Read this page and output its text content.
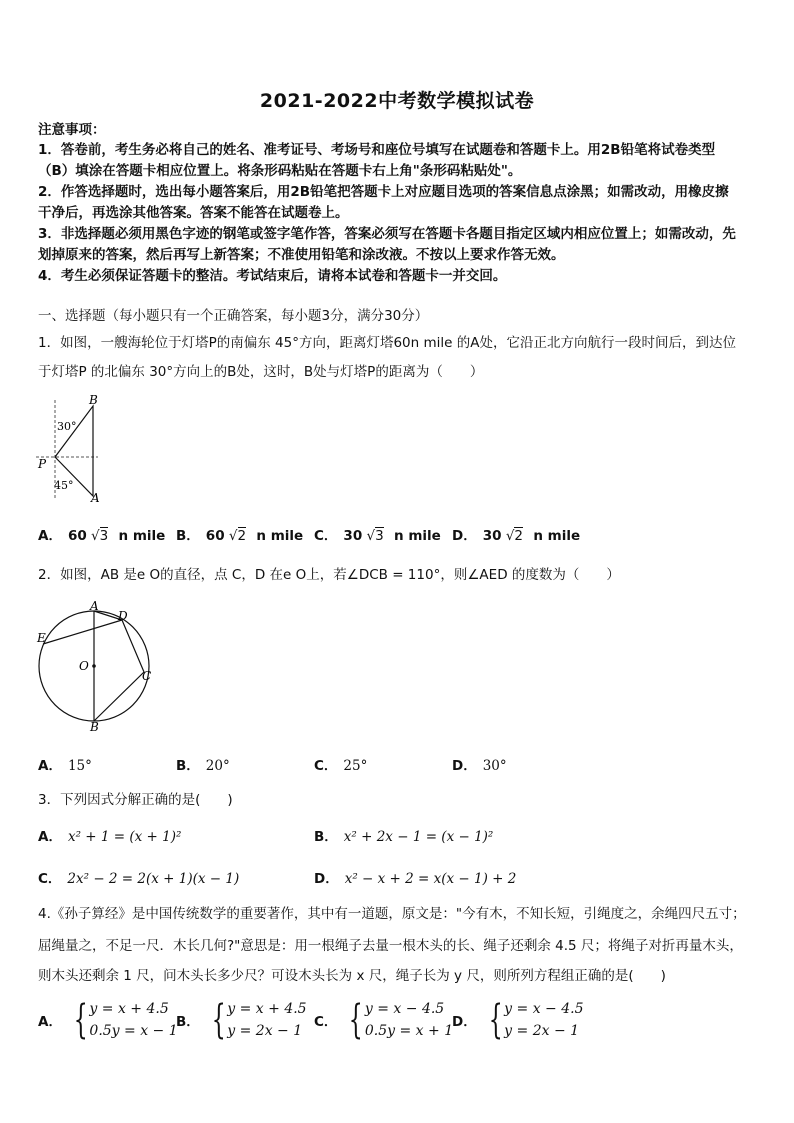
2021-2022中考数学模拟试卷
注意事项：
1．答卷前，考生务必将自己的姓名、准考证号、考场号和座位号填写在试题卷和答题卡上。用2B铅笔将试卷类型
（B）填涂在答题卡相应位置上。将条形码粘贴在答题卡右上角"条形码粘贴处"。
2．作答选择题时，选出每小题答案后，用2B铅笔把答题卡上对应题目选项的答案信息点涂黑；如需改动，用橡皮擦
干净后，再选涂其他答案。答案不能答在试题卷上。
3．非选择题必须用黑色字迹的钢笔或签字笔作答，答案必须写在答题卡各题目指定区域内相应位置上；如需改动，先
划掉原来的答案，然后再写上新答案；不准使用铅笔和涂改液。不按以上要求作答无效。
4．考生必须保证答题卡的整洁。考试结束后，请将本试卷和答题卡一并交回。
一、选择题（每小题只有一个正确答案，每小题3分，满分30分）
1．如图，一艘海轮位于灯塔P的南偏东 45°方向，距离灯塔60n mile 的A处，它沿正北方向航行一段时间后，到达位
于灯塔P 的北偏东 30°方向上的B处，这时，B处与灯塔P的距离为（　　）
B
P
A
30°
45°
A． 60 √3 n mile B． 60 √2 n mile C． 30 √3 n mile D． 30 √2 n mile
2．如图，AB 是e O的直径，点 C，D 在e O上，若∠DCB = 110°，则∠AED 的度数为（　　）
A
D
E
O
C
B
A． 15°	B． 20°	C． 25°	D． 30°
3．下列因式分解正确的是(　　)
A． x² + 1 = (x + 1)²	B． x² + 2x − 1 = (x − 1)²
C． 2x² − 2 = 2(x + 1)(x − 1)	D． x² − x + 2 = x(x − 1) + 2
4.《孙子算经》是中国传统数学的重要著作，其中有一道题，原文是："今有木，不知长短，引绳度之，余绳四尺五寸；
屈绳量之，不足一尺．木长几何?"意思是：用一根绳子去量一根木头的长、绳子还剩余 4.5 尺；将绳子对折再量木头，
则木头还剩余 1 尺，问木头长多少尺？可设木头长为 x 尺，绳子长为 y 尺，则所列方程组正确的是(　　)
A． { y = x + 4.5
0.5y = x − 1
B． { y = x + 4.5
y = 2x − 1
C． { y = x − 4.5
0.5y = x + 1
D． { y = x − 4.5
y = 2x − 1
